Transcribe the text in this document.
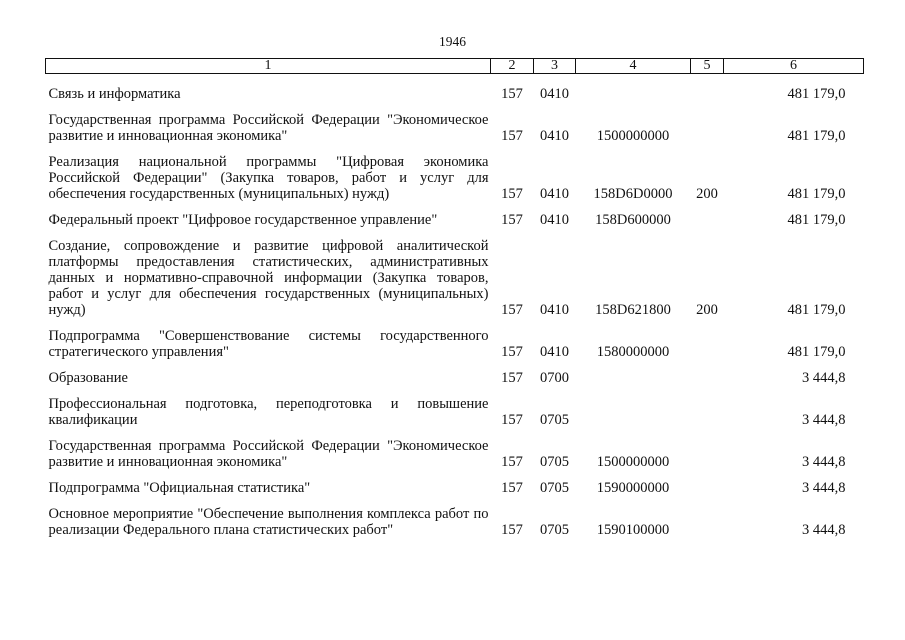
1946
1	2	3	4	5	6

Связь и информатика	157	0410			481 179,0
Государственная программа Российской Федерации "Экономическое развитие и инновационная экономика"	157	0410	1500000000		481 179,0
Реализация национальной программы "Цифровая экономика Российской Федерации" (Закупка товаров, работ и услуг для обеспечения государственных (муниципальных) нужд)	157	0410	158D6D0000	200	481 179,0
Федеральный проект "Цифровое государственное управление"	157	0410	158D600000		481 179,0
Создание, сопровождение и развитие цифровой аналитической платформы предоставления статистических, административных данных и нормативно-справочной информации (Закупка товаров, работ и услуг для обеспечения государственных (муниципальных) нужд)	157	0410	158D621800	200	481 179,0
Подпрограмма "Совершенствование системы государственного стратегического управления"	157	0410	1580000000		481 179,0
Образование	157	0700			3 444,8
Профессиональная подготовка, переподготовка и повышение квалификации	157	0705			3 444,8
Государственная программа Российской Федерации "Экономическое развитие и инновационная экономика"	157	0705	1500000000		3 444,8
Подпрограмма "Официальная статистика"	157	0705	1590000000		3 444,8
Основное мероприятие "Обеспечение выполнения комплекса работ по реализации Федерального плана статистических работ"	157	0705	1590100000		3 444,8
